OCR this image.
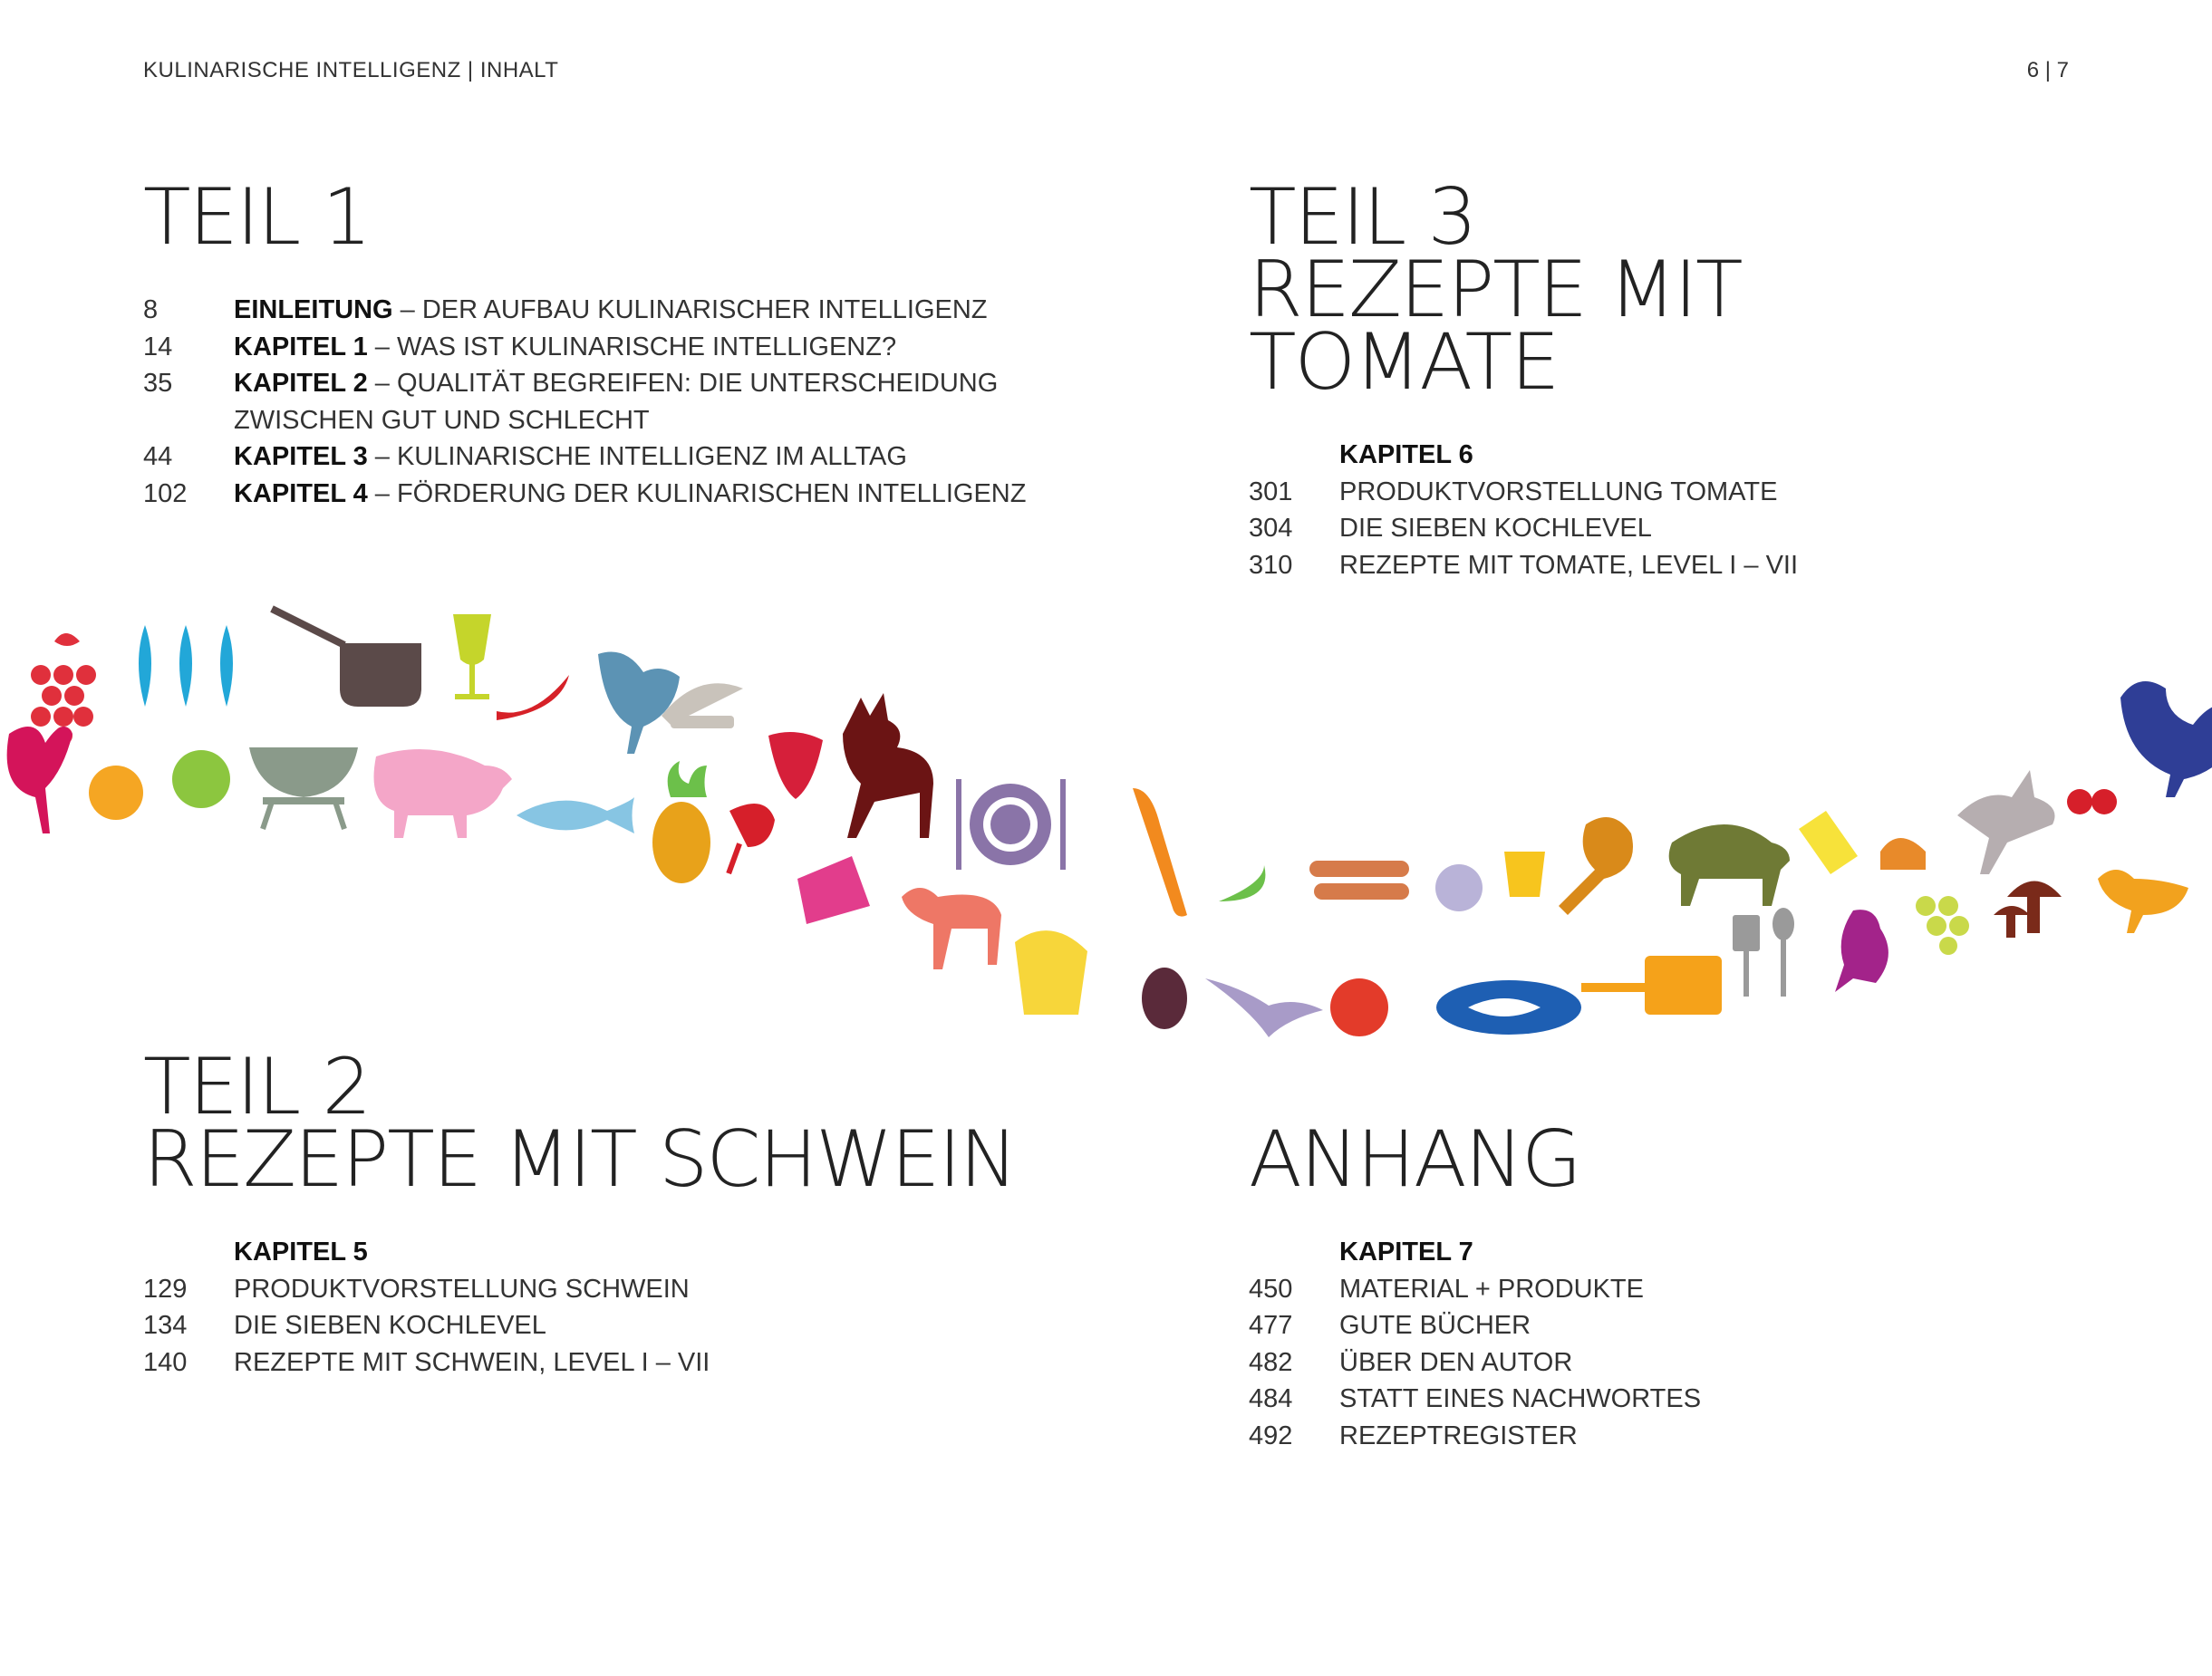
KULINARISCHE INTELLIGENZ | INHALT	6 | 7
TEIL 1
8	EINLEITUNG – DER AUFBAU KULINARISCHER INTELLIGENZ
14	KAPITEL 1 – WAS IST KULINARISCHE INTELLIGENZ?
35	KAPITEL 2 – QUALITÄT BEGREIFEN: DIE UNTERSCHEIDUNG
ZWISCHEN GUT UND SCHLECHT
44	KAPITEL 3 – KULINARISCHE INTELLIGENZ IM ALLTAG
102	KAPITEL 4 – FÖRDERUNG DER KULINARISCHEN INTELLIGENZ
TEIL 3
REZEPTE MIT TOMATE
KAPITEL 6
301	PRODUKTVORSTELLUNG TOMATE
304	DIE SIEBEN KOCHLEVEL
310	REZEPTE MIT TOMATE, LEVEL I – VII
TEIL 2
REZEPTE MIT SCHWEIN
KAPITEL 5
129	PRODUKTVORSTELLUNG SCHWEIN
134	DIE SIEBEN KOCHLEVEL
140	REZEPTE MIT SCHWEIN, LEVEL I – VII
ANHANG
KAPITEL 7
450	MATERIAL + PRODUKTE
477	GUTE BÜCHER
482	ÜBER DEN AUTOR
484	STATT EINES NACHWORTES
492	REZEPTREGISTER
